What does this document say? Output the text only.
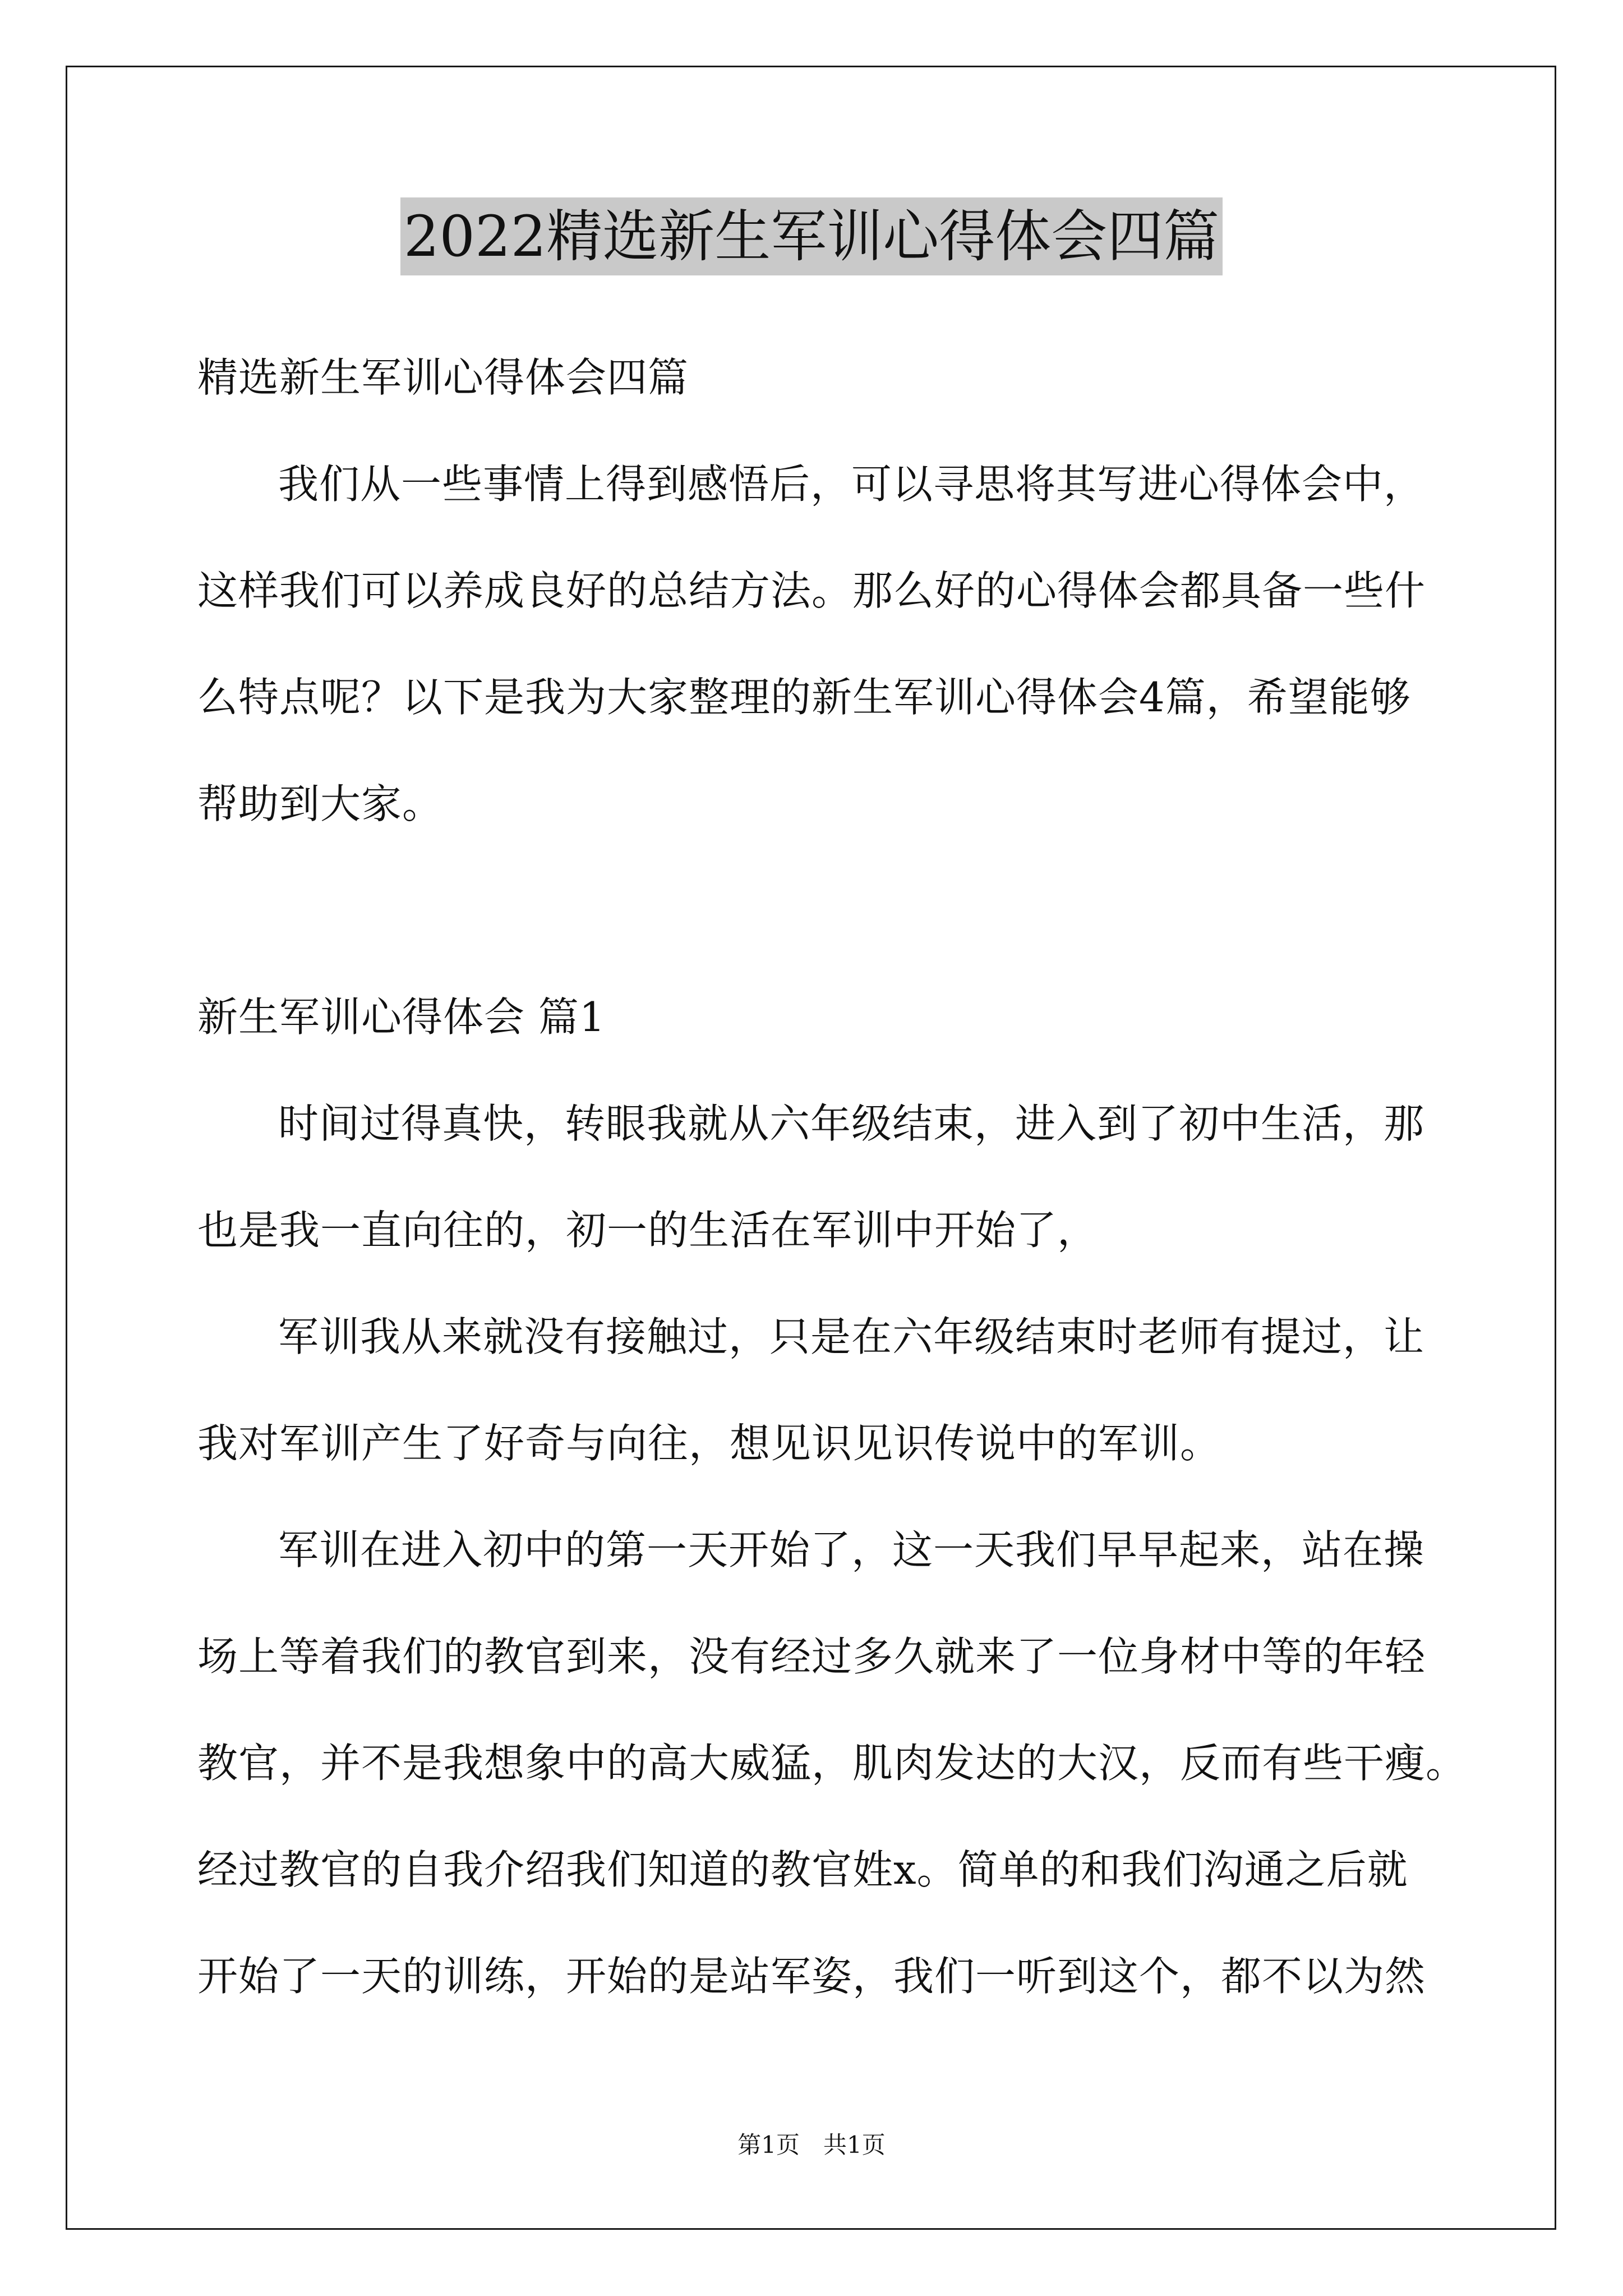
2022精选新生军训心得体会四篇
精选新生军训心得体会四篇
我们从一些事情上得到感悟后，可以寻思将其写进心得体会中，
这样我们可以养成良好的总结方法。那么好的心得体会都具备一些什
么特点呢？以下是我为大家整理的新生军训心得体会4篇，希望能够
帮助到大家。
新生军训心得体会 篇1
时间过得真快，转眼我就从六年级结束，进入到了初中生活，那
也是我一直向往的，初一的生活在军训中开始了，
军训我从来就没有接触过，只是在六年级结束时老师有提过，让
我对军训产生了好奇与向往，想见识见识传说中的军训。
军训在进入初中的第一天开始了，这一天我们早早起来，站在操
场上等着我们的教官到来，没有经过多久就来了一位身材中等的年轻
教官，并不是我想象中的高大威猛，肌肉发达的大汉，反而有些干瘦。
经过教官的自我介绍我们知道的教官姓x。简单的和我们沟通之后就
开始了一天的训练，开始的是站军姿，我们一听到这个，都不以为然
第1页　共1页
